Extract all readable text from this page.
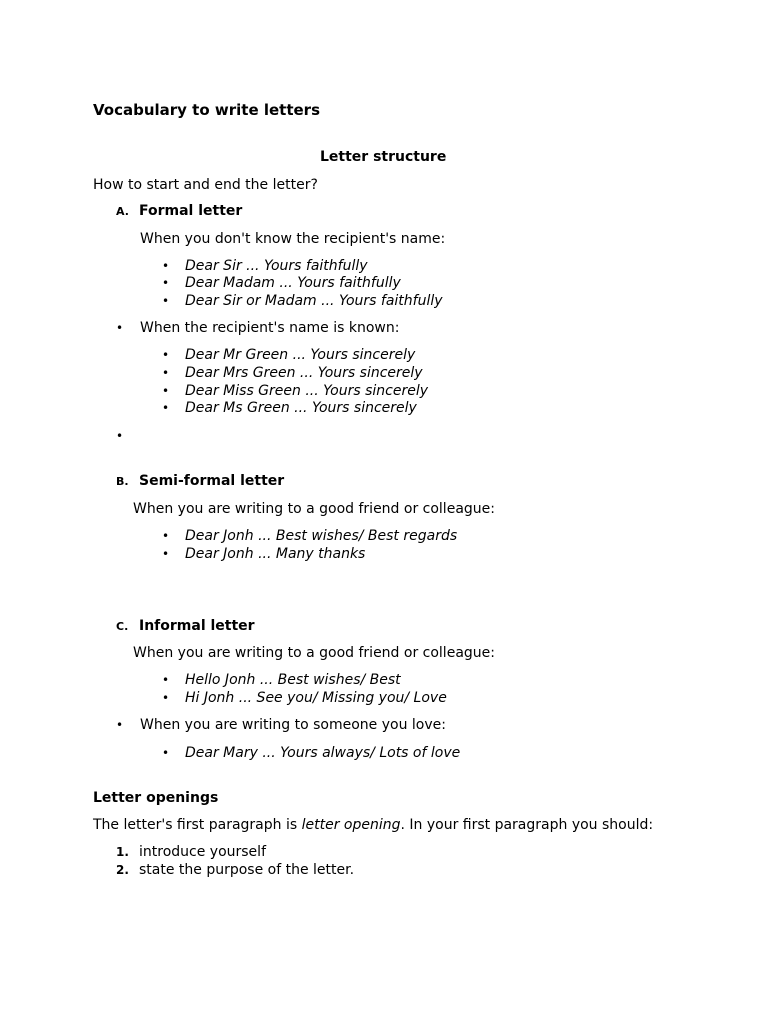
Vocabulary to write letters
Letter structure
How to start and end the letter?
A. Formal letter
When you don't know the recipient's name:
• Dear Sir ... Yours faithfully
• Dear Madam ... Yours faithfully
• Dear Sir or Madam ... Yours faithfully
• When the recipient's name is known:
• Dear Mr Green ... Yours sincerely
• Dear Mrs Green ... Yours sincerely
• Dear Miss Green ... Yours sincerely
• Dear Ms Green ... Yours sincerely
•
B. Semi-formal letter
When you are writing to a good friend or colleague:
• Dear Jonh ... Best wishes/ Best regards
• Dear Jonh ... Many thanks
C. Informal letter
When you are writing to a good friend or colleague:
• Hello Jonh ... Best wishes/ Best
• Hi Jonh ... See you/ Missing you/ Love
• When you are writing to someone you love:
• Dear Mary ... Yours always/ Lots of love
Letter openings
The letter's first paragraph is letter opening. In your first paragraph you should:
1. introduce yourself
2. state the purpose of the letter.
